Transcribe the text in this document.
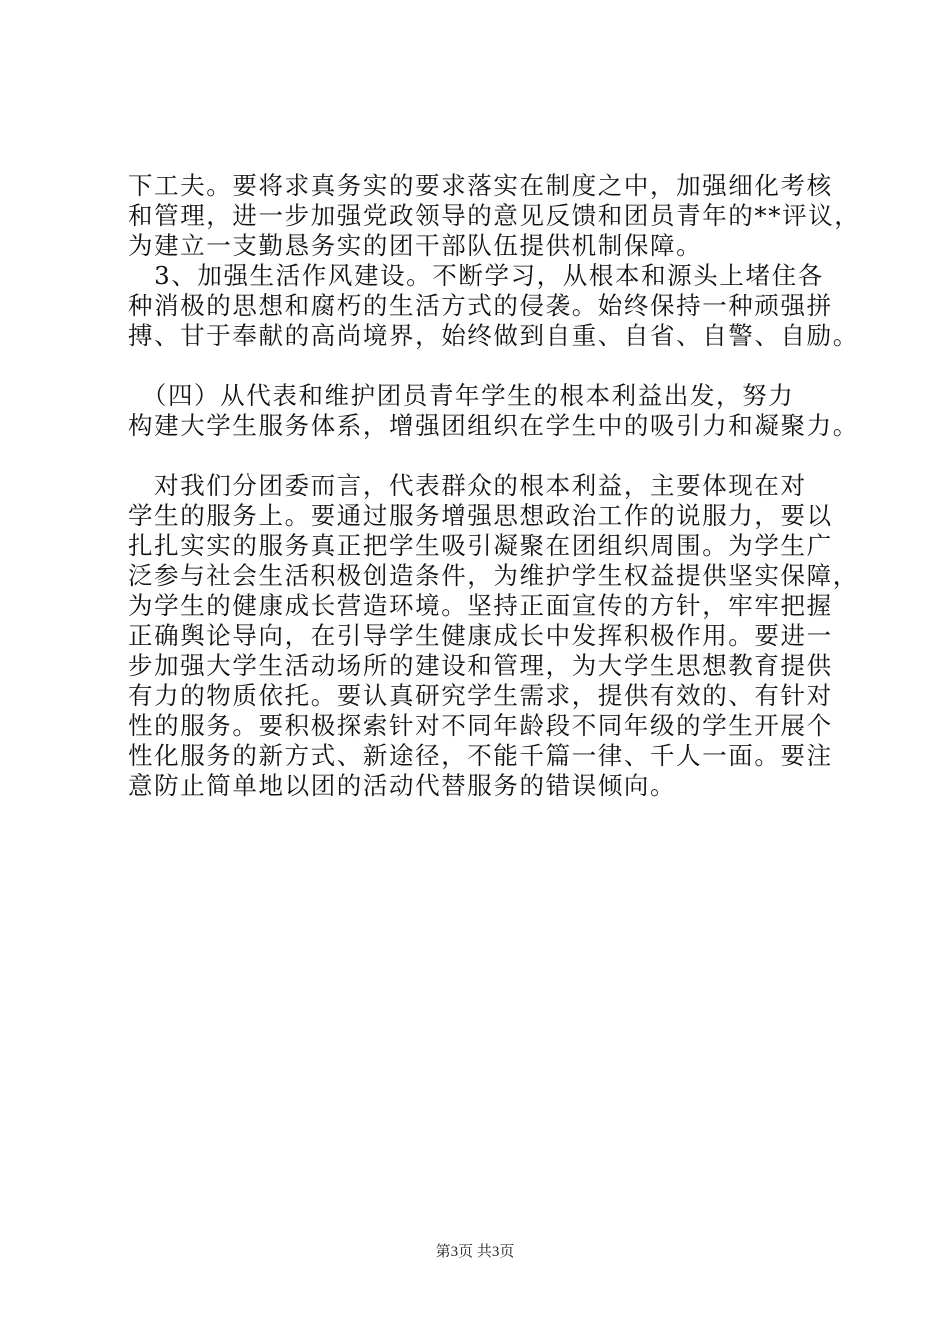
下工夫。要将求真务实的要求落实在制度之中，加强细化考核
和管理，进一步加强党政领导的意见反馈和团员青年的**评议，
为建立一支勤恳务实的团干部队伍提供机制保障。
　3、加强生活作风建设。不断学习，从根本和源头上堵住各
种消极的思想和腐朽的生活方式的侵袭。始终保持一种顽强拼
搏、甘于奉献的高尚境界，始终做到自重、自省、自警、自励。
　（四）从代表和维护团员青年学生的根本利益出发，努力
构建大学生服务体系，增强团组织在学生中的吸引力和凝聚力。
　对我们分团委而言，代表群众的根本利益，主要体现在对
学生的服务上。要通过服务增强思想政治工作的说服力，要以
扎扎实实的服务真正把学生吸引凝聚在团组织周围。为学生广
泛参与社会生活积极创造条件，为维护学生权益提供坚实保障，
为学生的健康成长营造环境。坚持正面宣传的方针，牢牢把握
正确舆论导向，在引导学生健康成长中发挥积极作用。要进一
步加强大学生活动场所的建设和管理，为大学生思想教育提供
有力的物质依托。要认真研究学生需求，提供有效的、有针对
性的服务。要积极探索针对不同年龄段不同年级的学生开展个
性化服务的新方式、新途径，不能千篇一律、千人一面。要注
意防止简单地以团的活动代替服务的错误倾向。
第3页 共3页
